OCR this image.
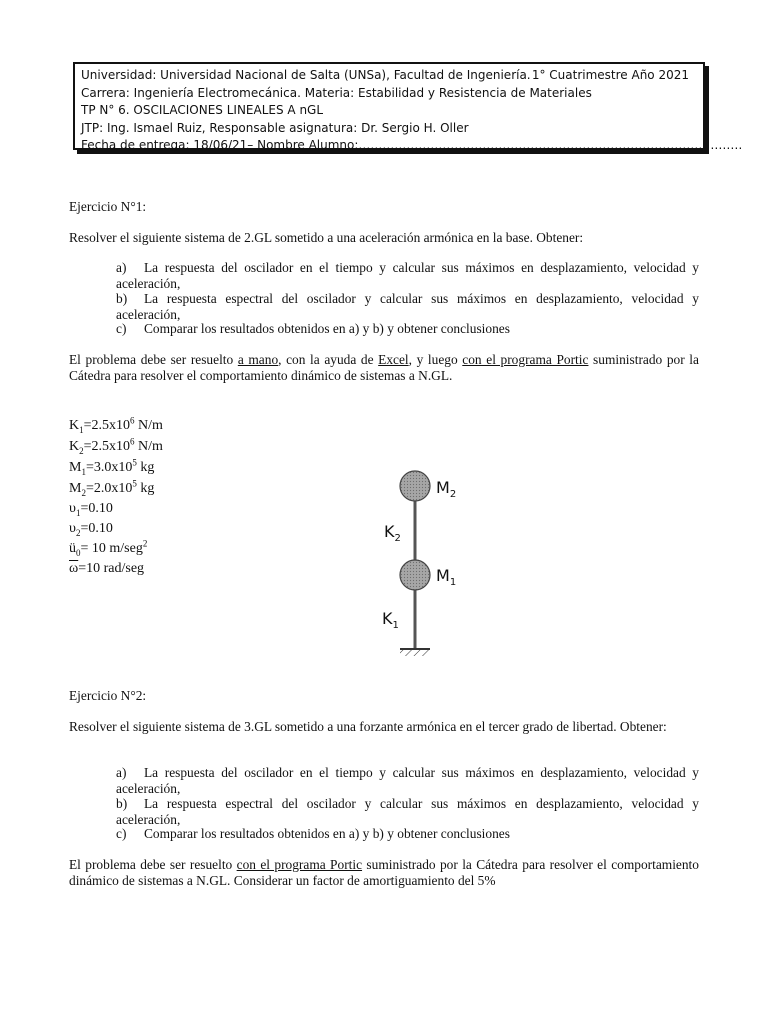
Universidad: Universidad Nacional de Salta (UNSa), Facultad de Ingeniería. 1° Cuatrimestre Año 2021
Carrera: Ingeniería Electromecánica. Materia: Estabilidad y Resistencia de Materiales
TP N° 6. OSCILACIONES LINEALES A nGL
JTP: Ing. Ismael Ruiz, Responsable asignatura: Dr. Sergio H. Oller
Fecha de entrega: 18/06/21– Nombre Alumno:……………………………………………………………………………………
Ejercicio N°1:
Resolver el siguiente sistema de 2.GL sometido a una aceleración armónica en la base. Obtener:
a) La respuesta del oscilador en el tiempo y calcular sus máximos en desplazamiento, velocidad y aceleración,
b) La respuesta espectral del oscilador y calcular sus máximos en desplazamiento, velocidad y aceleración,
c) Comparar los resultados obtenidos en a) y b) y obtener conclusiones
El problema debe ser resuelto a mano, con la ayuda de Excel, y luego con el programa Portic suministrado por la Cátedra para resolver el comportamiento dinámico de sistemas a N.GL.
$K_1=2.5x10^6$ N/m
$K_2=2.5x10^6$ N/m
$M_1=3.0x10^5$ kg
$M_2=2.0x10^5$ kg
$\upsilon_1=0.10$
$\upsilon_2=0.10$
$ü_0= 10$ m/seg$^2$
$\overline{\omega}=10$ rad/seg
$M_2$
$K_2$
$M_1$
$K_1$
Ejercicio N°2:
Resolver el siguiente sistema de 3.GL sometido a una forzante armónica en el tercer grado de libertad. Obtener:
a) La respuesta del oscilador en el tiempo y calcular sus máximos en desplazamiento, velocidad y aceleración,
b) La respuesta espectral del oscilador y calcular sus máximos en desplazamiento, velocidad y aceleración,
c) Comparar los resultados obtenidos en a) y b) y obtener conclusiones
El problema debe ser resuelto con el programa Portic suministrado por la Cátedra para resolver el comportamiento dinámico de sistemas a N.GL. Considerar un factor de amortiguamiento del 5%
